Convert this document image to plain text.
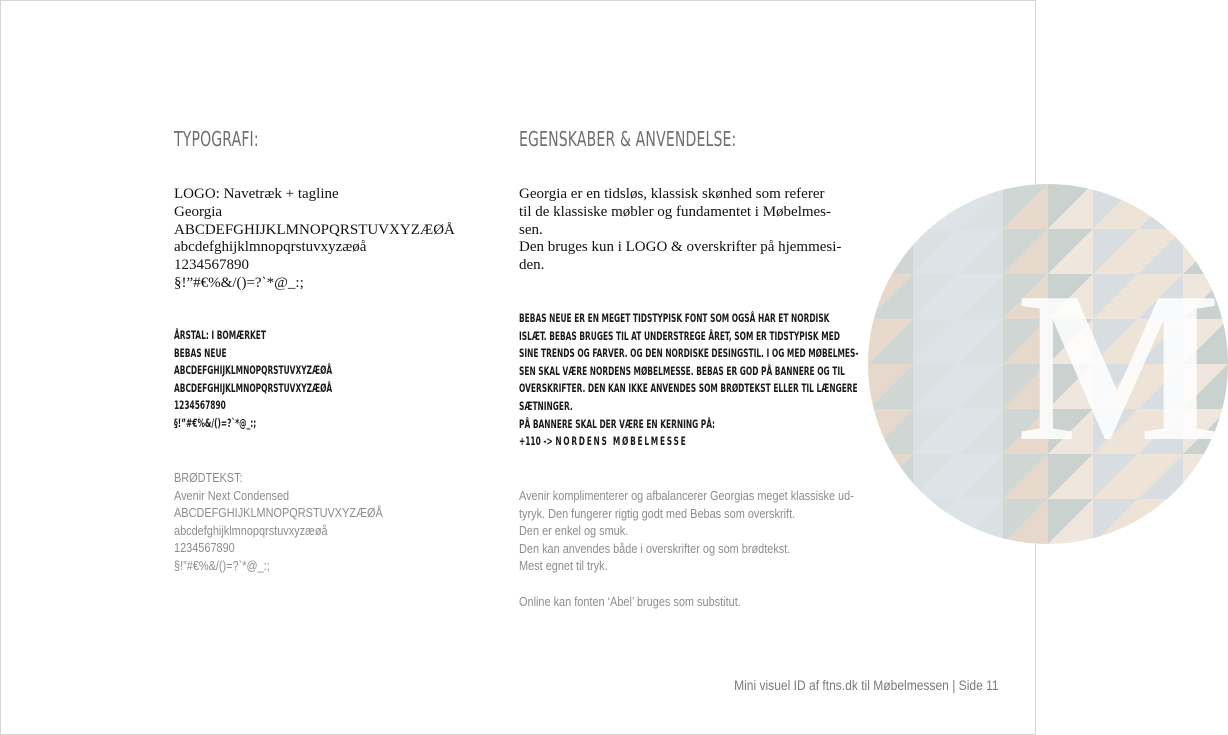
TYPOGRAFI:	EGENSKABER & ANVENDELSE:
LOGO: Navetræk + tagline
Georgia
ABCDEFGHIJKLMNOPQRSTUVXYZÆØÅ
abcdefghijklmnopqrstuvxyzæøå
1234567890
§!”#€%&/()=?`*@_:;
Georgia er en tidsløs, klassisk skønhed som referer
til de klassiske møbler og fundamentet i Møbelmes-
sen.
Den bruges kun i LOGO & overskrifter på hjemmesi-
den.
ÅRSTAL: I BOMÆRKET
BEBAS NEUE
ABCDEFGHIJKLMNOPQRSTUVXYZÆØÅ
ABCDEFGHIJKLMNOPQRSTUVXYZÆØÅ
1234567890
§!”#€%&/()=?`*@_:;
BEBAS NEUE ER EN MEGET TIDSTYPISK FONT SOM OGSÅ HAR ET NORDISK
ISLÆT. BEBAS BRUGES TIL AT UNDERSTREGE ÅRET, SOM ER TIDSTYPISK MED
SINE TRENDS OG FARVER. OG DEN NORDISKE DESINGSTIL. I OG MED MØBELMES-
SEN SKAL VÆRE NORDENS MØBELMESSE. BEBAS ER GOD PÅ BANNERE OG TIL
OVERSKRIFTER. DEN KAN IKKE ANVENDES SOM BRØDTEKST ELLER TIL LÆNGERE
SÆTNINGER.
PÅ BANNERE SKAL DER VÆRE EN KERNING PÅ:
+110 -> NORDENS MØBELMESSE
BRØDTEKST:
Avenir Next Condensed
ABCDEFGHIJKLMNOPQRSTUVXYZÆØÅ
abcdefghijklmnopqrstuvxyzæøå
1234567890
§!”#€%&/()=?`*@_:;
Avenir komplimenterer og afbalancerer Georgias meget klassiske ud-
tyryk. Den fungerer rigtig godt med Bebas som overskrift.
Den er enkel og smuk.
Den kan anvendes både i overskrifter og som brødtekst.
Mest egnet til tryk.
Online kan fonten ‘Abel’ bruges som substitut.
Mini visuel ID af ftns.dk til Møbelmessen | Side 11
M
